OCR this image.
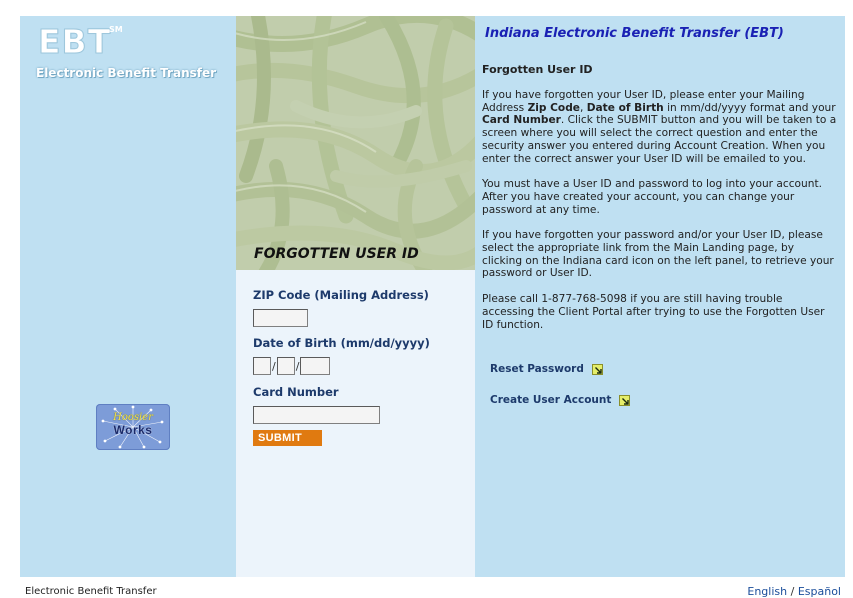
EBT
SM
Electronic Benefit Transfer
Hoosier
Works
FORGOTTEN USER ID
ZIP Code (Mailing Address)
Date of Birth (mm/dd/yyyy)
/ /
Card Number
SUBMIT
Indiana Electronic Benefit Transfer (EBT)
Forgotten User ID

If you have forgotten your User ID, please enter your Mailing Address Zip Code, Date of Birth in mm/dd/yyyy format and your Card Number. Click the SUBMIT button and you will be taken to a screen where you will select the correct question and enter the security answer you entered during Account Creation. When you enter the correct answer your User ID will be emailed to you.

You must have a User ID and password to log into your account. After you have created your account, you can change your password at any time.

If you have forgotten your password and/or your User ID, please select the appropriate link from the Main Landing page, by clicking on the Indiana card icon on the left panel, to retrieve your password or User ID.

Please call 1-877-768-5098 if you are still having trouble accessing the Client Portal after trying to use the Forgotten User ID function.

Reset Password
Create User Account
Electronic Benefit Transfer	English / Español
